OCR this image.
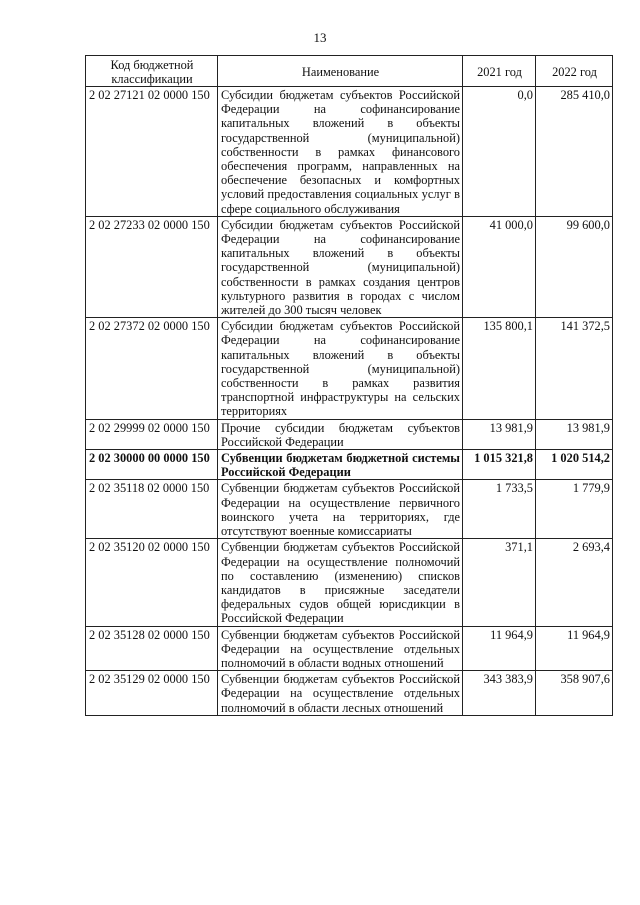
13
Код бюджетной классификации	Наименование	2021 год	2022 год
2 02 27121 02 0000 150	Субсидии бюджетам субъектов Российской Федерации на софинансирование капитальных вложений в объекты государственной (муниципальной) собственности в рамках финансового обеспечения программ, направленных на обеспечение безопасных и комфортных условий предоставления социальных услуг в сфере социального обслуживания	0,0	285 410,0
2 02 27233 02 0000 150	Субсидии бюджетам субъектов Российской Федерации на софинансирование капитальных вложений в объекты государственной (муниципальной) собственности в рамках создания центров культурного развития в городах с числом жителей до 300 тысяч человек	41 000,0	99 600,0
2 02 27372 02 0000 150	Субсидии бюджетам субъектов Российской Федерации на софинансирование капитальных вложений в объекты государственной (муниципальной) собственности в рамках развития транспортной инфраструктуры на сельских территориях	135 800,1	141 372,5
2 02 29999 02 0000 150	Прочие субсидии бюджетам субъектов Российской Федерации	13 981,9	13 981,9
2 02 30000 00 0000 150	Субвенции бюджетам бюджетной системы Российской Федерации	1 015 321,8	1 020 514,2
2 02 35118 02 0000 150	Субвенции бюджетам субъектов Российской Федерации на осуществление первичного воинского учета на территориях, где отсутствуют военные комиссариаты	1 733,5	1 779,9
2 02 35120 02 0000 150	Субвенции бюджетам субъектов Российской Федерации на осуществление полномочий по составлению (изменению) списков кандидатов в присяжные заседатели федеральных судов общей юрисдикции в Российской Федерации	371,1	2 693,4
2 02 35128 02 0000 150	Субвенции бюджетам субъектов Российской Федерации на осуществление отдельных полномочий в области водных отношений	11 964,9	11 964,9
2 02 35129 02 0000 150	Субвенции бюджетам субъектов Российской Федерации на осуществление отдельных полномочий в области лесных отношений	343 383,9	358 907,6
